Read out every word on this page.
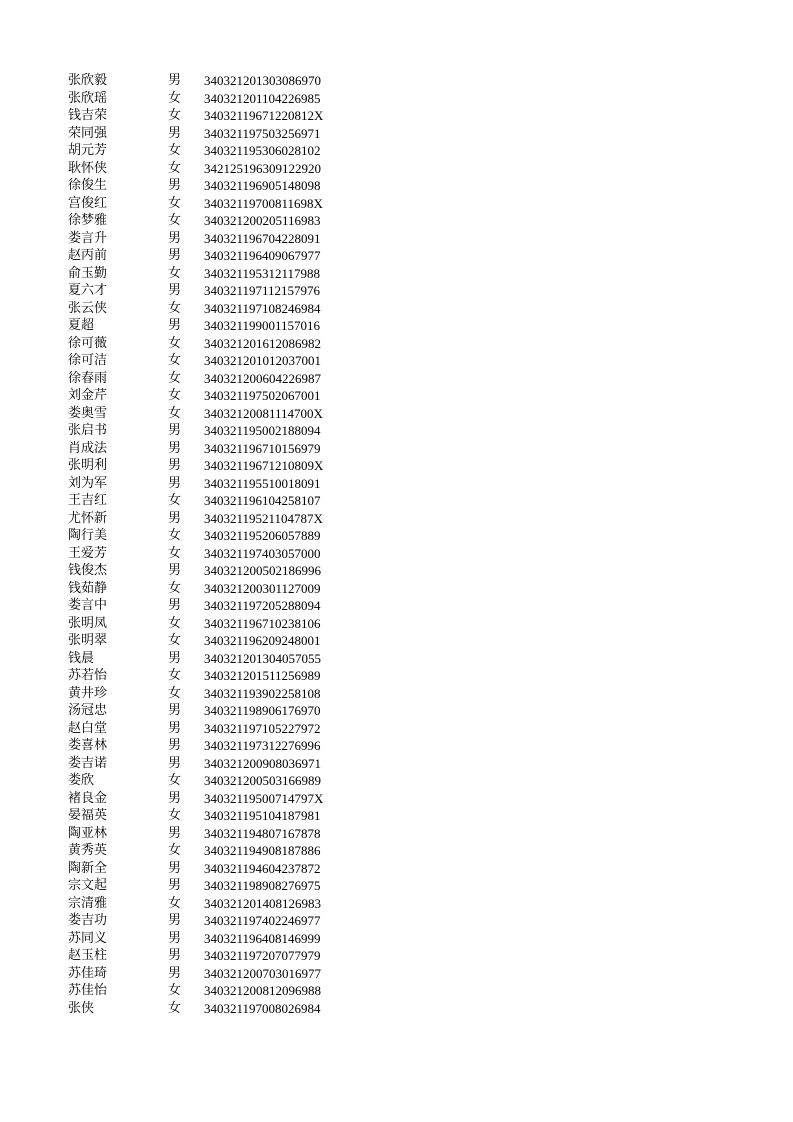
张欣毅	男	340321201303086970
张欣瑶	女	340321201104226985
钱吉荣	女	34032119671220812X
荣同强	男	340321197503256971
胡元芳	女	340321195306028102
耿怀侠	女	342125196309122920
徐俊生	男	340321196905148098
宫俊红	女	34032119700811698X
徐梦雅	女	340321200205116983
娄言升	男	340321196704228091
赵丙前	男	340321196409067977
俞玉勤	女	340321195312117988
夏六才	男	340321197112157976
张云侠	女	340321197108246984
夏超	男	340321199001157016
徐可薇	女	340321201612086982
徐可洁	女	340321201012037001
徐春雨	女	340321200604226987
刘金芹	女	340321197502067001
娄奥雪	女	34032120081114700X
张启书	男	340321195002188094
肖成法	男	340321196710156979
张明利	男	34032119671210809X
刘为军	男	340321195510018091
王吉红	女	340321196104258107
尤怀新	男	34032119521104787X
陶行美	女	340321195206057889
王爱芳	女	340321197403057000
钱俊杰	男	340321200502186996
钱茹静	女	340321200301127009
娄言中	男	340321197205288094
张明凤	女	340321196710238106
张明翠	女	340321196209248001
钱晨	男	340321201304057055
苏若怡	女	340321201511256989
黄井珍	女	340321193902258108
汤冠忠	男	340321198906176970
赵白堂	男	340321197105227972
娄喜林	男	340321197312276996
娄吉诺	男	340321200908036971
娄欣	女	340321200503166989
褚良金	男	34032119500714797X
晏福英	女	340321195104187981
陶亚林	男	340321194807167878
黄秀英	女	340321194908187886
陶新全	男	340321194604237872
宗文起	男	340321198908276975
宗清雅	女	340321201408126983
娄吉功	男	340321197402246977
苏同义	男	340321196408146999
赵玉柱	男	340321197207077979
苏佳琦	男	340321200703016977
苏佳怡	女	340321200812096988
张侠	女	340321197008026984
